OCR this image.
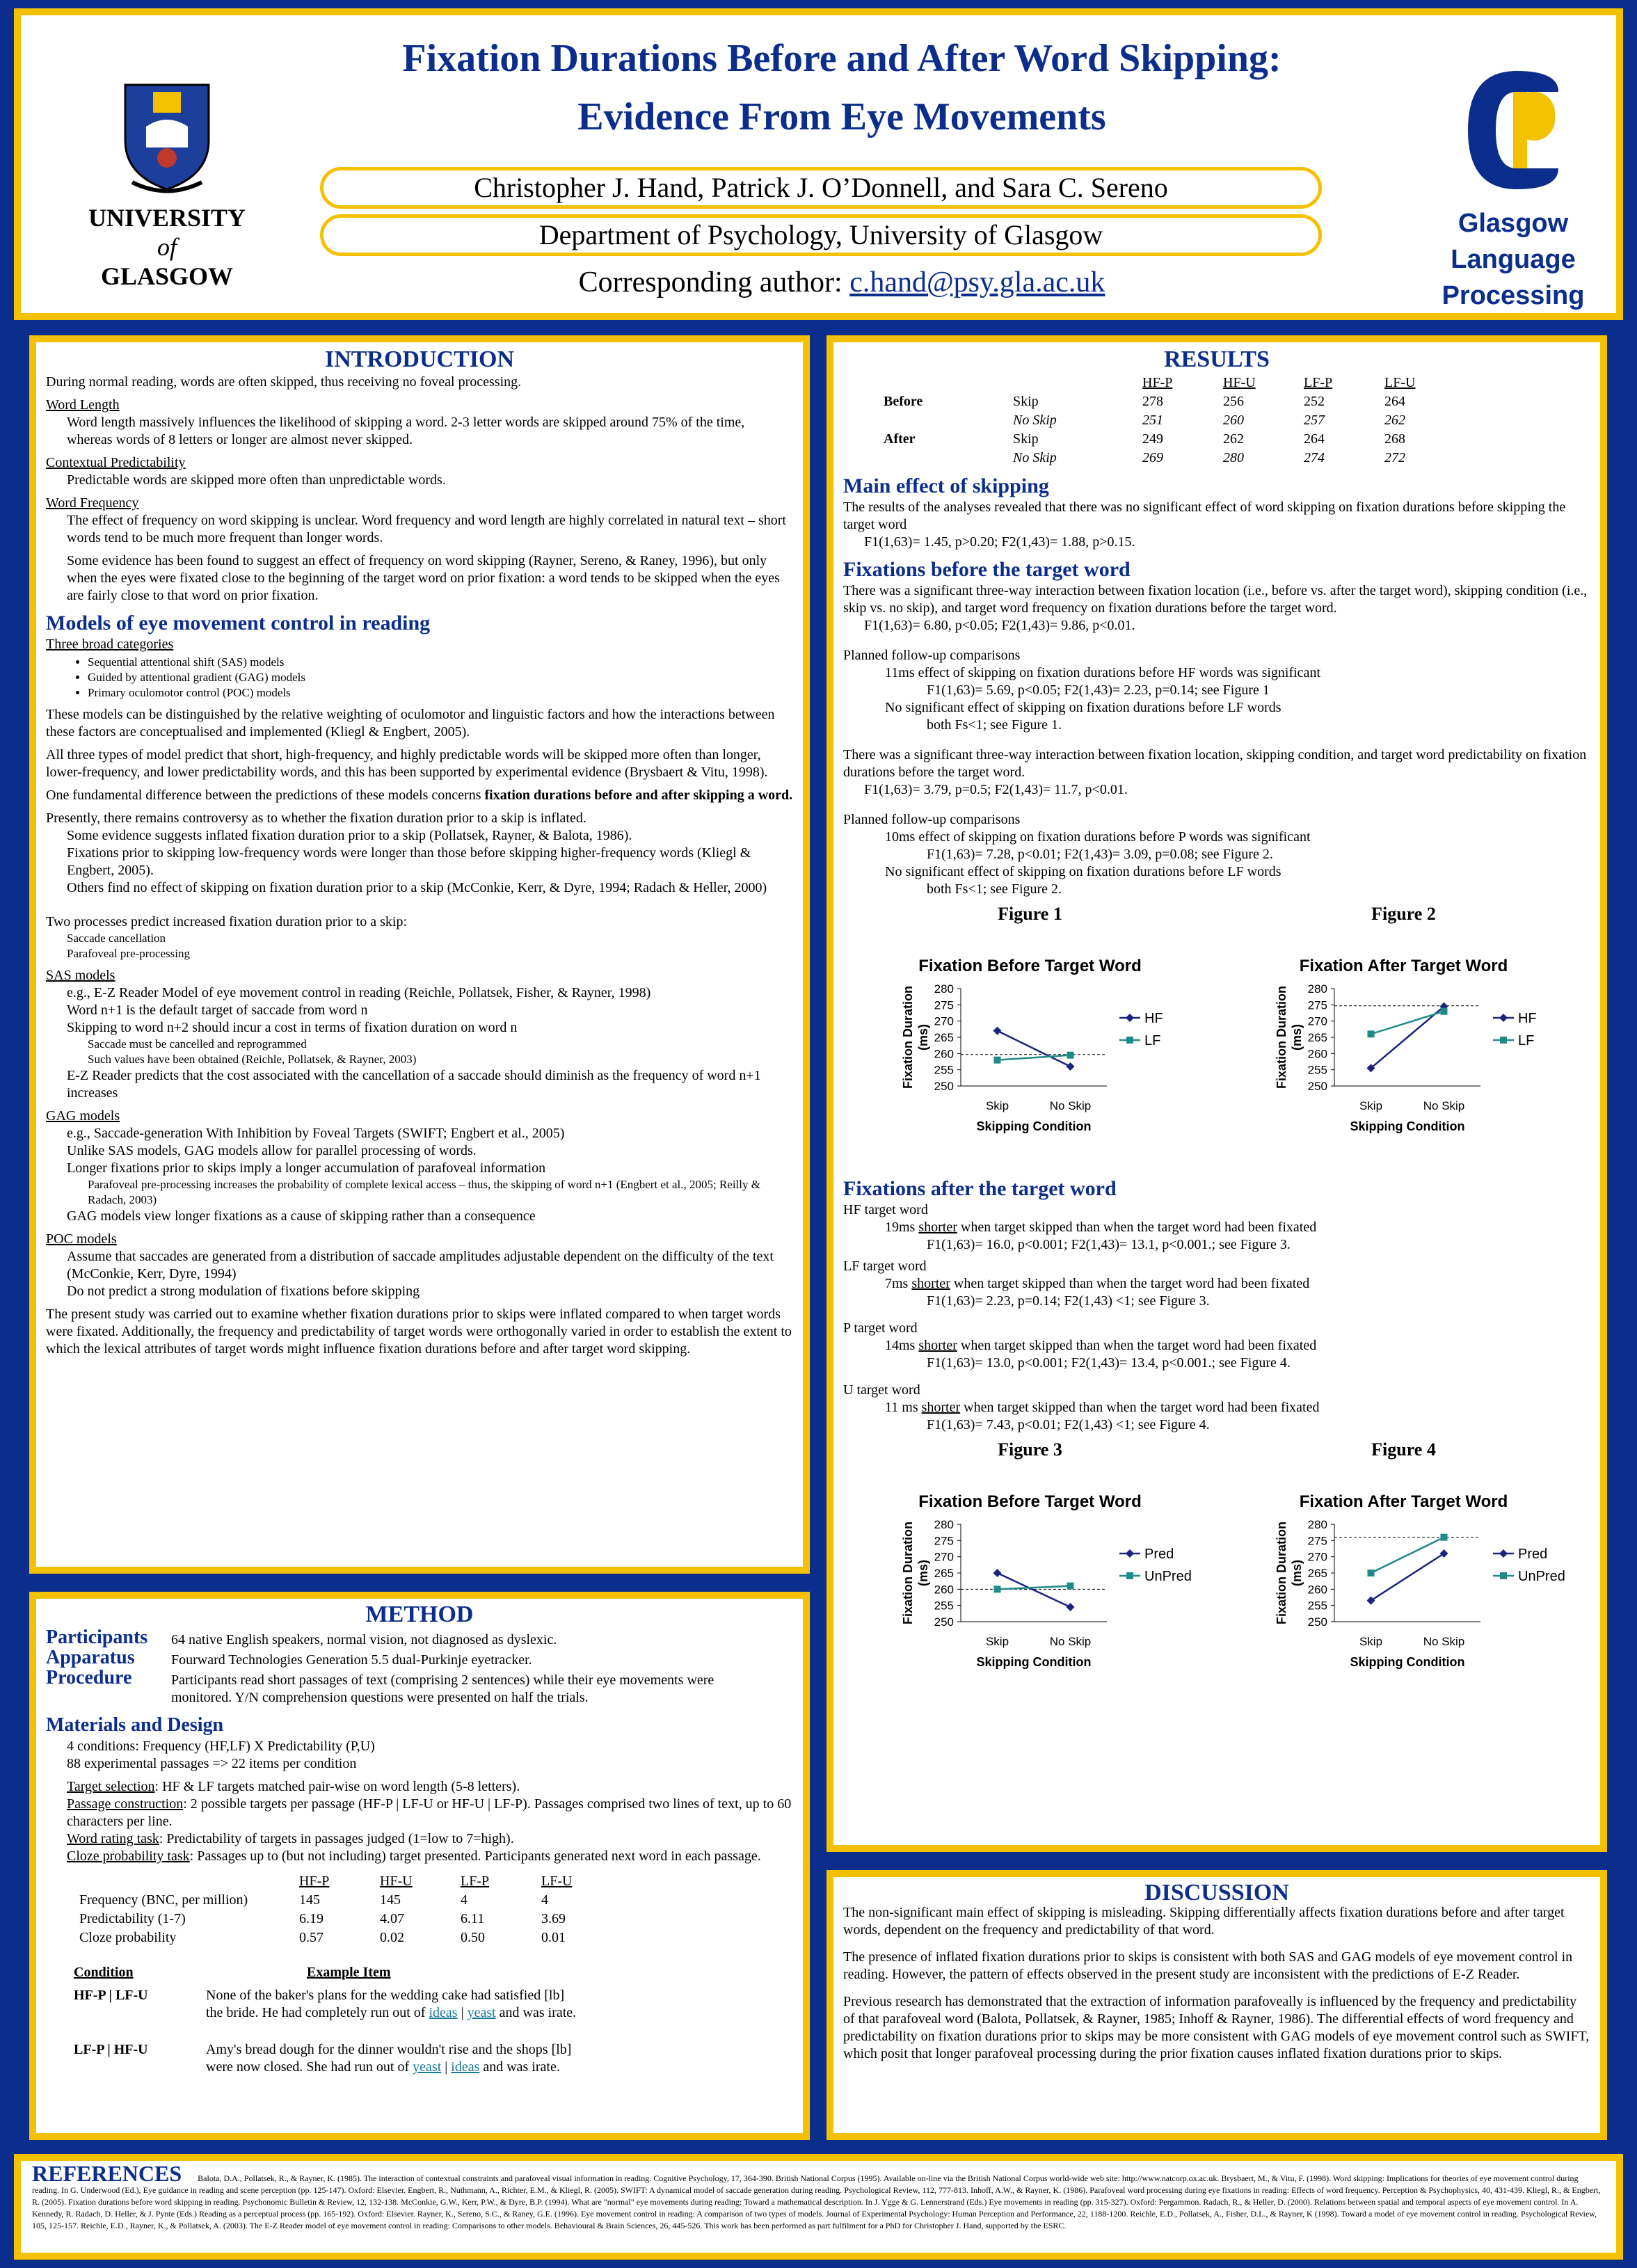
UNIVERSITY
of
GLASGOW
Fixation Durations Before and After Word Skipping:
Evidence From Eye Movements
Christopher J. Hand, Patrick J. O’Donnell, and Sara C. Sereno
Department of Psychology, University of Glasgow
Corresponding author: c.hand@psy.gla.ac.uk
Glasgow
Language
Processing
INTRODUCTION

During normal reading, words are often skipped, thus receiving no foveal processing.

Word Length

Word length massively influences the likelihood of skipping a word. 2-3 letter words are skipped around 75% of the time, whereas words of 8 letters or longer are almost never skipped.

Contextual Predictability

Predictable words are skipped more often than unpredictable words.

Word Frequency

The effect of frequency on word skipping is unclear. Word frequency and word length are highly correlated in natural text – short words tend to be much more frequent than longer words.

Some evidence has been found to suggest an effect of frequency on word skipping (Rayner, Sereno, & Raney, 1996), but only when the eyes were fixated close to the beginning of the target word on prior fixation: a word tends to be skipped when the eyes are fairly close to that word on prior fixation.

Models of eye movement control in reading
Three broad categories
• Sequential attentional shift (SAS) models
• Guided by attentional gradient (GAG) models
• Primary oculomotor control (POC) models

These models can be distinguished by the relative weighting of oculomotor and linguistic factors and how the interactions between these factors are conceptualised and implemented (Kliegl & Engbert, 2005).

All three types of model predict that short, high-frequency, and highly predictable words will be skipped more often than longer, lower-frequency, and lower predictability words, and this has been supported by experimental evidence (Brysbaert & Vitu, 1998).

One fundamental difference between the predictions of these models concerns fixation durations before and after skipping a word.

Presently, there remains controversy as to whether the fixation duration prior to a skip is inflated.
Some evidence suggests inflated fixation duration prior to a skip (Pollatsek, Rayner, & Balota, 1986).
Fixations prior to skipping low-frequency words were longer than those before skipping higher-frequency words (Kliegl & Engbert, 2005).

Others find no effect of skipping on fixation duration prior to a skip (McConkie, Kerr, & Dyre, 1994; Radach & Heller, 2000)

Two processes predict increased fixation duration prior to a skip:
Saccade cancellation
Parafoveal pre-processing
SAS models
e.g., E-Z Reader Model of eye movement control in reading (Reichle, Pollatsek, Fisher, & Rayner, 1998)
Word n+1 is the default target of saccade from word n
Skipping to word n+2 should incur a cost in terms of fixation duration on word n
Saccade must be cancelled and reprogrammed
Such values have been obtained (Reichle, Pollatsek, & Rayner, 2003)

E-Z Reader predicts that the cost associated with the cancellation of a saccade should diminish as the frequency of word n+1 increases

GAG models
e.g., Saccade-generation With Inhibition by Foveal Targets (SWIFT; Engbert et al., 2005)
Unlike SAS models, GAG models allow for parallel processing of words.
Longer fixations prior to skips imply a longer accumulation of parafoveal information
Parafoveal pre-processing increases the probability of complete lexical access – thus, the skipping of word n+1 (Engbert et al., 2005; Reilly & Radach, 2003)

GAG models view longer fixations as a cause of skipping rather than a consequence

POC models
Assume that saccades are generated from a distribution of saccade amplitudes adjustable dependent on the difficulty of the text (McConkie, Kerr, Dyre, 1994)

Do not predict a strong modulation of fixations before skipping

The present study was carried out to examine whether fixation durations prior to skips were inflated compared to when target words were fixated. Additionally, the frequency and predictability of target words were orthogonally varied in order to establish the extent to which the lexical attributes of target words might influence fixation durations before and after target word skipping.

METHOD
Participants 64 native English speakers, normal vision, not diagnosed as dyslexic.
Apparatus	Fourward Technologies Generation 5.5 dual-Purkinje eyetracker.
Procedure	Participants read short passages of text (comprising 2 sentences) while their eye movements were monitored. Y/N comprehension questions were presented on half the trials.
Materials and Design
4 conditions: Frequency (HF,LF) X Predictability (P,U)

88 experimental passages => 22 items per condition

Target selection: HF & LF targets matched pair-wise on word length (5-8 letters).
Passage construction: 2 possible targets per passage (HF-P | LF-U or HF-U | LF-P). Passages comprised two lines of text, up to 60 characters per line.
Word rating task: Predictability of targets in passages judged (1=low to 7=high).

Cloze probability task: Passages up to (but not including) target presented. Participants generated next word in each passage.

	HF-P	HF-U	LF-P	LF-U
Frequency (BNC, per million)	145	145	4	4
Predictability (1-7)	6.19	4.07	6.11	3.69
Cloze probability	0.57	0.02	0.50	0.01
Condition	Example Item
HF-P | LF-U	None of the baker's plans for the wedding cake had satisfied [lb]
the bride. He had completely run out of ideas | yeast and was irate.
LF-P | HF-U	Amy's bread dough for the dinner wouldn't rise and the shops [lb]
were now closed. She had run out of yeast | ideas and was irate.
RESULTS
		HF-P	HF-U	LF-P	LF-U
Before	Skip	278	256	252	264
	No Skip	251	260	257	262
After	Skip	249	262	264	268
	No Skip	269	280	274	272
Main effect of skipping
The results of the analyses revealed that there was no significant effect of word skipping on fixation durations before skipping the target word

F1(1,63)= 1.45, p>0.20; F2(1,43)= 1.88, p>0.15.

Fixations before the target word
There was a significant three-way interaction between fixation location (i.e., before vs. after the target word), skipping condition (i.e., skip vs. no skip), and target word frequency on fixation durations before the target word.

F1(1,63)= 6.80, p<0.05; F2(1,43)= 9.86, p<0.01.

Planned follow-up comparisons
11ms effect of skipping on fixation durations before HF words was significant
F1(1,63)= 5.69, p<0.05; F2(1,43)= 2.23, p=0.14; see Figure 1
No significant effect of skipping on fixation durations before LF words

both Fs<1; see Figure 1.

There was a significant three-way interaction between fixation location, skipping condition, and target word predictability on fixation durations before the target word.

F1(1,63)= 3.79, p=0.5; F2(1,43)= 11.7, p<0.01.

Planned follow-up comparisons
10ms effect of skipping on fixation durations before P words was significant
F1(1,63)= 7.28, p<0.01; F2(1,43)= 3.09, p=0.08; see Figure 2.
No significant effect of skipping on fixation durations before LF words
both Fs<1; see Figure 2.
Figure 1
Fixation Before Target Word
250
255
260
265
270
275
280
Skip	No Skip
Skipping Condition
Fixation Duration (ms)
HF
LF
Figure 2
Fixation After Target Word
250
255
260
265
270
275
280
Skip	No Skip
Skipping Condition
Fixation Duration (ms)
HF
LF
Fixations after the target word
HF target word
19ms shorter when target skipped than when the target word had been fixated
F1(1,63)= 16.0, p<0.001; F2(1,43)= 13.1, p<0.001.; see Figure 3.
LF target word
7ms shorter when target skipped than when the target word had been fixated
F1(1,63)= 2.23, p=0.14; F2(1,43) <1; see Figure 3.
P target word
14ms shorter when target skipped than when the target word had been fixated
F1(1,63)= 13.0, p<0.001; F2(1,43)= 13.4, p<0.001.; see Figure 4.
U target word
11 ms shorter when target skipped than when the target word had been fixated
F1(1,63)= 7.43, p<0.01; F2(1,43) <1; see Figure 4.
Figure 3
Fixation Before Target Word
250
255
260
265
270
275
280
Skip	No Skip
Skipping Condition
Fixation Duration (ms)
Pred
UnPred
Figure 4
Fixation After Target Word
250
255
260
265
270
275
280
Skip	No Skip
Skipping Condition
Fixation Duration (ms)
Pred
UnPred
DISCUSSION

The non-significant main effect of skipping is misleading. Skipping differentially affects fixation durations before and after target words, dependent on the frequency and predictability of that word.

The presence of inflated fixation durations prior to skips is consistent with both SAS and GAG models of eye movement control in reading. However, the pattern of effects observed in the present study are inconsistent with the predictions of E-Z Reader.

Previous research has demonstrated that the extraction of information parafoveally is influenced by the frequency and predictability of that parafoveal word (Balota, Pollatsek, & Rayner, 1985; Inhoff & Rayner, 1986). The differential effects of word frequency and predictability on fixation durations prior to skips may be more consistent with GAG models of eye movement control such as SWIFT, which posit that longer parafoveal processing during the prior fixation causes inflated fixation durations prior to skips.

REFERENCES Balota, D.A., Pollatsek, R., & Rayner, K. (1985). The interaction of contextual constraints and parafoveal visual information in reading. Cognitive Psychology, 17, 364-390. British National Corpus (1995). Available on-line via the British National Corpus world-wide web site: http://www.natcorp.ox.ac.uk. Brysbaert, M., & Vitu, F. (1998). Word skipping: Implications for theories of eye movement control during reading. In G. Underwood (Ed.), Eye guidance in reading and scene perception (pp. 125-147). Oxford: Elsevier. Engbert, R., Nuthmann, A., Richter, E.M., & Kliegl, R. (2005). SWIFT: A dynamical model of saccade generation during reading. Psychological Review, 112, 777-813. Inhoff, A.W., & Rayner, K. (1986). Parafoveal word processing during eye fixations in reading: Effects of word frequency. Perception & Psychophysics, 40, 431-439. Kliegl, R., & Engbert, R. (2005). Fixation durations before word skipping in reading. Psychonomic Bulletin & Review, 12, 132-138. McConkie, G.W., Kerr, P.W., & Dyre, B.P. (1994). What are "normal" eye movements during reading: Toward a mathematical description. In J. Ygge & G. Lennerstrand (Eds.) Eye movements in reading (pp. 315-327). Oxford: Pergammon. Radach, R., & Heller, D. (2000). Relations between spatial and temporal aspects of eye movement control. In A. Kennedy, R. Radach, D. Heller, & J. Pynte (Eds.) Reading as a perceptual process (pp. 165-192). Oxford: Elsevier. Rayner, K., Sereno, S.C., & Raney, G.E. (1996). Eye movement control in reading: A comparison of two types of models. Journal of Experimental Psychology: Human Perception and Performance, 22, 1188-1200. Reichle, E.D., Pollatsek, A., Fisher, D.L., & Rayner, K (1998). Toward a model of eye movement control in reading. Psychological Review, 105, 125-157. Reichle, E.D., Rayner, K., & Pollatsek, A. (2003). The E-Z Reader model of eye movement control in reading: Comparisons to other models. Behavioural & Brain Sciences, 26, 445-526. This work has been performed as part fulfilment for a PhD for Christopher J. Hand, supported by the ESRC.
